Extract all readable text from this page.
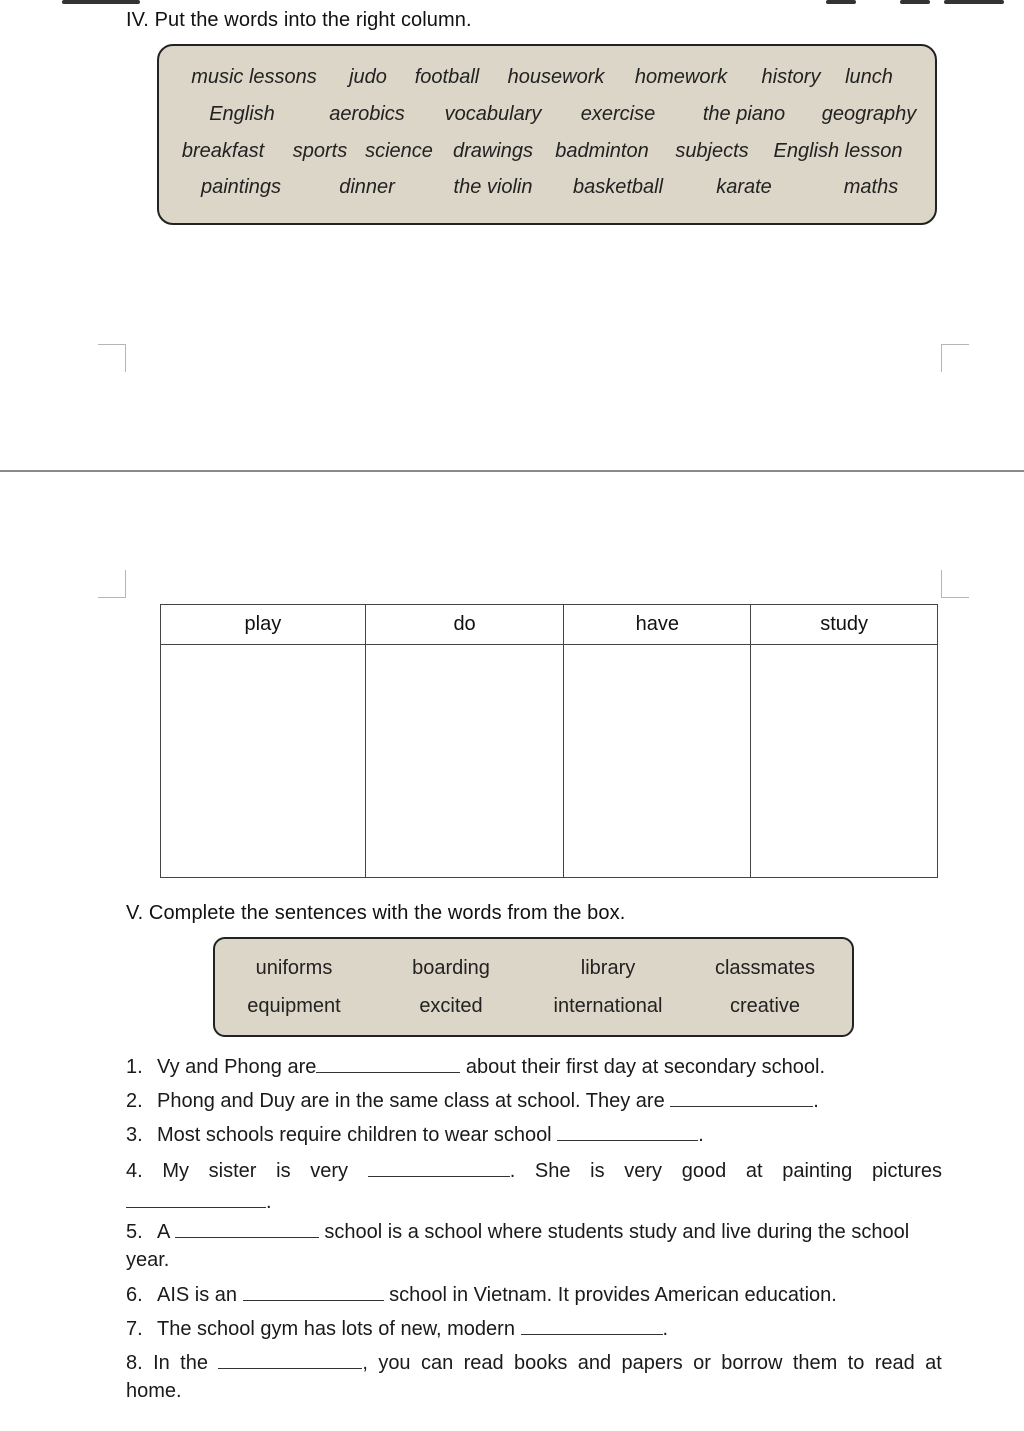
IV. Put the words into the right column.
music lessons judo football housework homework history lunch
English	aerobics vocabulary exercise the piano geography
breakfast sports science drawings badminton subjects English lesson
paintings	dinner	the violin basketball	karate	maths
play	do	have	study

V. Complete the sentences with the words from the box.
uniforms	boarding	library	classmates
equipment	excited	international	creative
1. Vy and Phong are	about their first day at secondary school.
2. Phong and Duy are in the same class at school. They are	.
3. Most schools require children to wear school	.
4. My sister is very	. She is very good at painting pictures
.
5. A	school is a school where students study and live during the school
year.
6. AIS is an	school in Vietnam. It provides American education.
7. The school gym has lots of new, modern	.
8. In the	, you can read books and papers or borrow them to read at
home.
